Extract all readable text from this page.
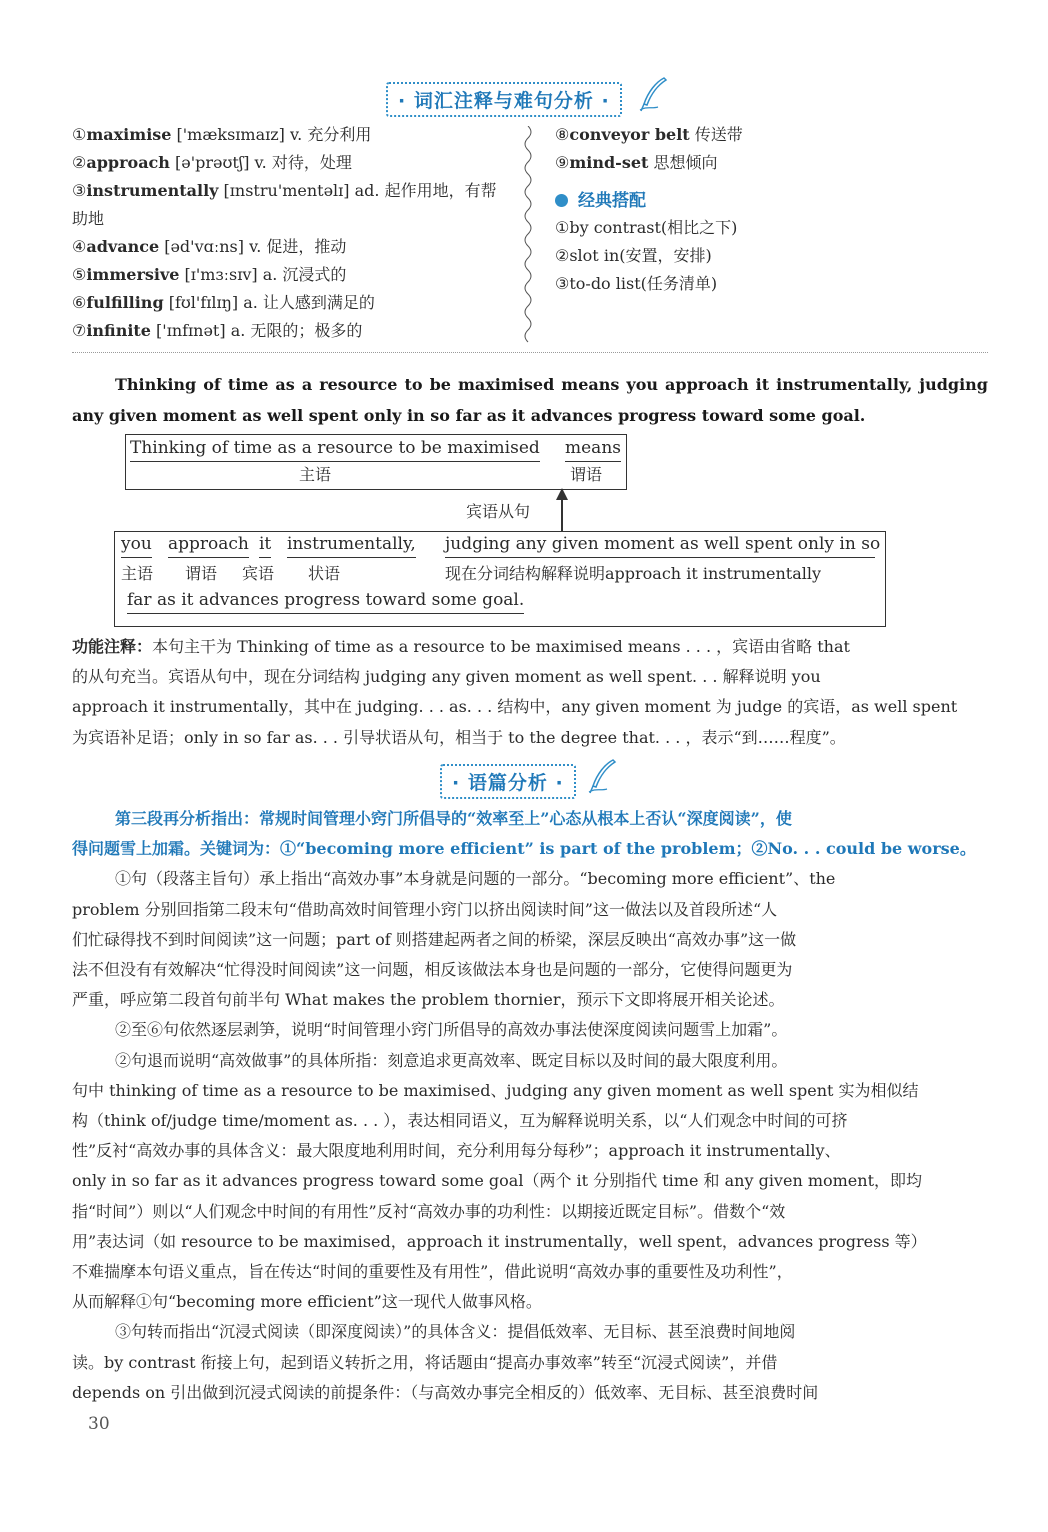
· 词汇注释与难句分析 ·
①maximise ['mæksɪmaɪz] v. 充分利用
②approach [ə'prəʊtʃ] v. 对待，处理
③instrumentally [ɪnstru'mentəlɪ] ad. 起作用地，有帮
助地
④advance [əd'vɑːns] v. 促进，推动
⑤immersive [ɪ'mɜːsɪv] a. 沉浸式的
⑥fulfilling [fʊl'fɪlɪŋ] a. 让人感到满足的
⑦infinite ['ɪnfɪnət] a. 无限的；极多的
⑧conveyor belt 传送带
⑨mind-set 思想倾向
经典搭配
①by contrast(相比之下)
②slot in(安置，安排)
③to-do list(任务清单)
Thinking of time as a resource to be maximised means you approach it instrumentally, judging any given moment as well spent only in so far as it advances progress toward some goal.
Thinking of time as a resource to be maximised
主语
means
谓语
宾语从句
you approach it instrumentally, judging any given moment as well spent only in so
主语 谓语 宾语 状语	现在分词结构解释说明approach it instrumentally
far as it advances progress toward some goal.
功能注释：本句主干为 Thinking of time as a resource to be maximised means . . . ，宾语由省略 that
的从句充当。宾语从句中，现在分词结构 judging any given moment as well spent. . . 解释说明 you
approach it instrumentally，其中在 judging. . . as. . . 结构中，any given moment 为 judge 的宾语，as well spent
为宾语补足语；only in so far as. . . 引导状语从句，相当于 to the degree that. . . ，表示“到……程度”。
· 语篇分析 ·
第三段再分析指出：常规时间管理小窍门所倡导的“效率至上”心态从根本上否认“深度阅读”，使
得问题雪上加霜。关键词为：①“becoming more efficient” is part of the problem；②No. . . could be worse。
①句（段落主旨句）承上指出“高效办事”本身就是问题的一部分。“becoming more efficient”、the
problem 分别回指第二段末句“借助高效时间管理小窍门以挤出阅读时间”这一做法以及首段所述“人
们忙碌得找不到时间阅读”这一问题；part of 则搭建起两者之间的桥梁，深层反映出“高效办事”这一做
法不但没有有效解决“忙得没时间阅读”这一问题，相反该做法本身也是问题的一部分，它使得问题更为
严重，呼应第二段首句前半句 What makes the problem thornier，预示下文即将展开相关论述。
②至⑥句依然逐层剥笋，说明“时间管理小窍门所倡导的高效办事法使深度阅读问题雪上加霜”。
②句退而说明“高效做事”的具体所指：刻意追求更高效率、既定目标以及时间的最大限度利用。
句中 thinking of time as a resource to be maximised、judging any given moment as well spent 实为相似结
构（think of/judge time/moment as. . . ），表达相同语义，互为解释说明关系，以“人们观念中时间的可挤
性”反衬“高效办事的具体含义：最大限度地利用时间，充分利用每分每秒”；approach it instrumentally、
only in so far as it advances progress toward some goal（两个 it 分别指代 time 和 any given moment，即均
指“时间”）则以“人们观念中时间的有用性”反衬“高效办事的功利性：以期接近既定目标”。借数个“效
用”表达词（如 resource to be maximised，approach it instrumentally，well spent，advances progress 等）
不难揣摩本句语义重点，旨在传达“时间的重要性及有用性”，借此说明“高效办事的重要性及功利性”，
从而解释①句“becoming more efficient”这一现代人做事风格。
③句转而指出“沉浸式阅读（即深度阅读）”的具体含义：提倡低效率、无目标、甚至浪费时间地阅
读。by contrast 衔接上句，起到语义转折之用，将话题由“提高办事效率”转至“沉浸式阅读”，并借
depends on 引出做到沉浸式阅读的前提条件：（与高效办事完全相反的）低效率、无目标、甚至浪费时间
30
